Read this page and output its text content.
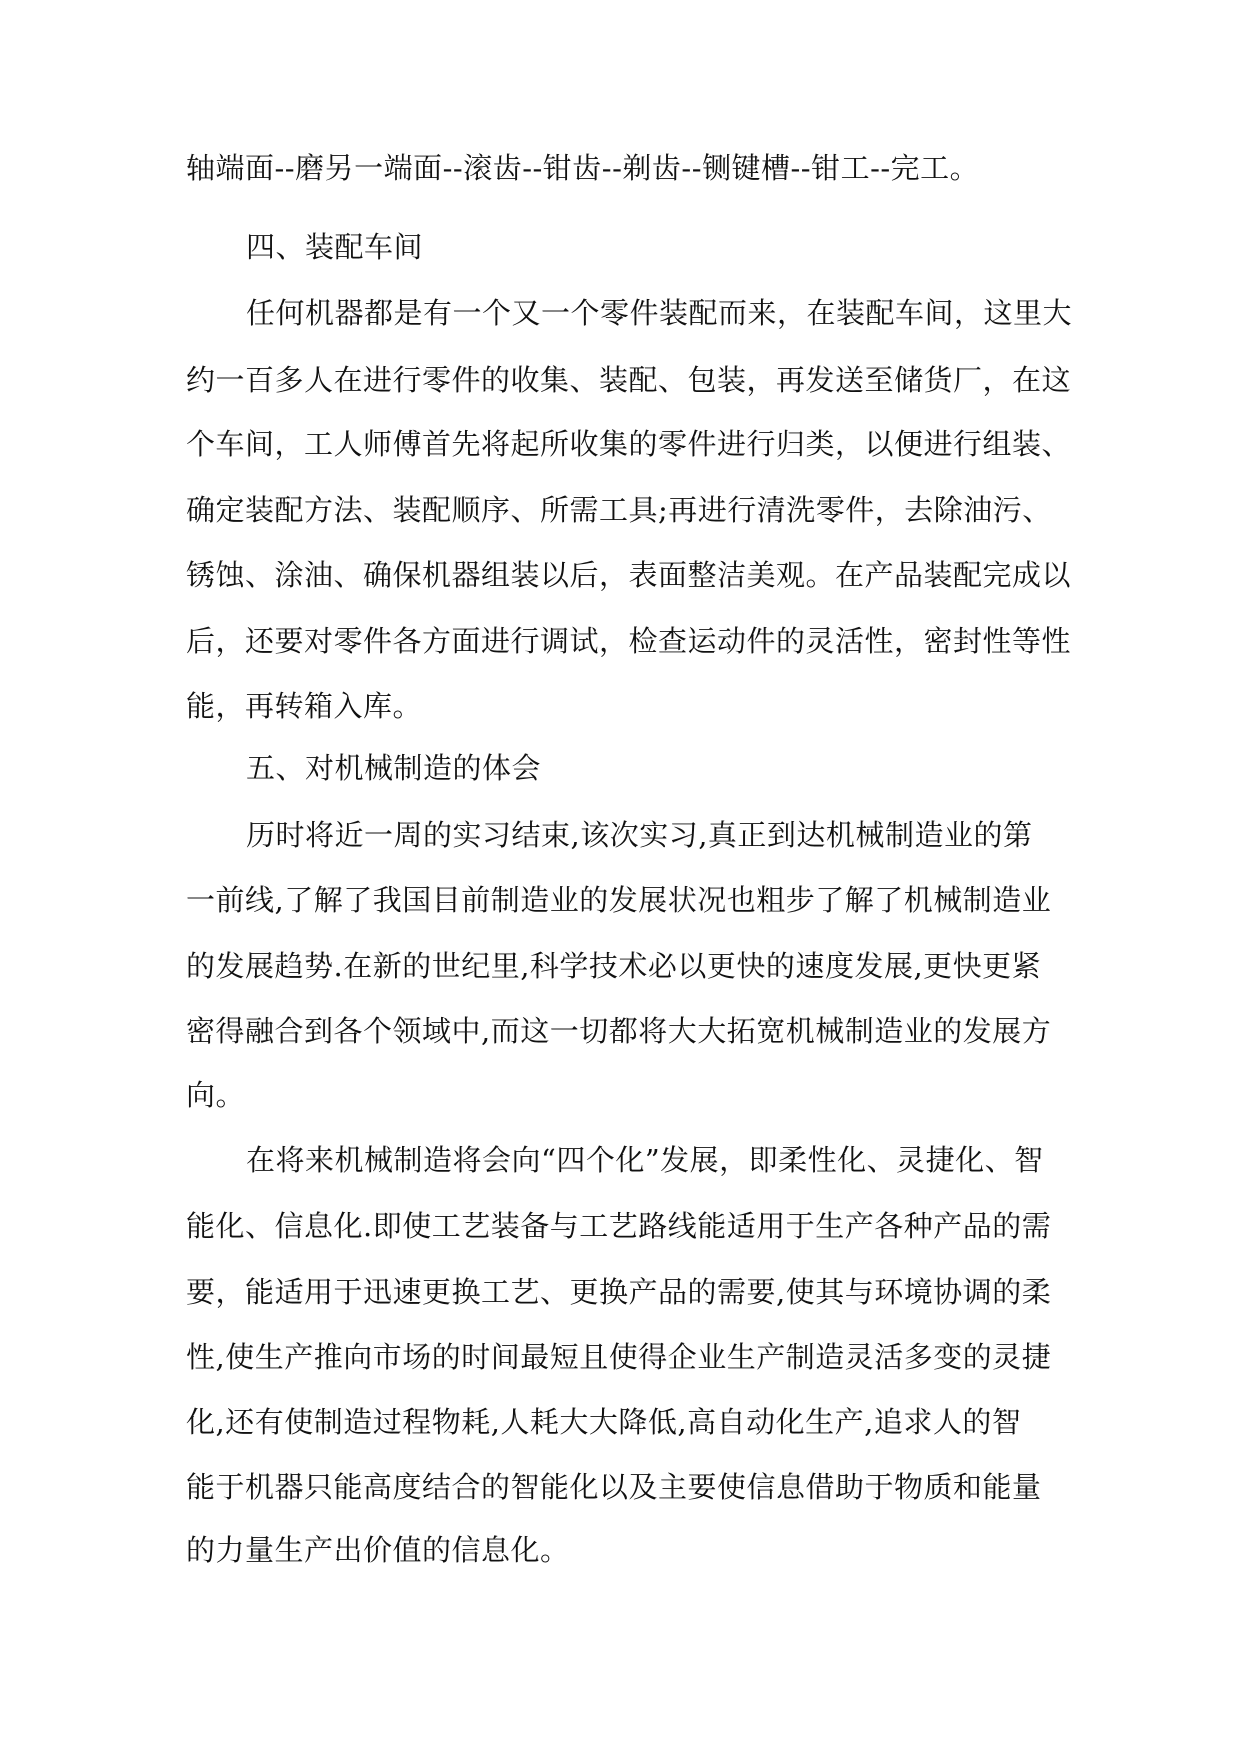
轴端面--磨另一端面--滚齿--钳齿--剃齿--铡键槽--钳工--完工。
四、装配车间
任何机器都是有一个又一个零件装配而来，在装配车间，这里大
约一百多人在进行零件的收集、装配、包装，再发送至储货厂，在这
个车间，工人师傅首先将起所收集的零件进行归类，以便进行组装、
确定装配方法、装配顺序、所需工具;再进行清洗零件，去除油污、
锈蚀、涂油、确保机器组装以后，表面整洁美观。在产品装配完成以
后，还要对零件各方面进行调试，检查运动件的灵活性，密封性等性
能，再转箱入库。
五、对机械制造的体会
历时将近一周的实习结束,该次实习,真正到达机械制造业的第
一前线,了解了我国目前制造业的发展状况也粗步了解了机械制造业
的发展趋势.在新的世纪里,科学技术必以更快的速度发展,更快更紧
密得融合到各个领域中,而这一切都将大大拓宽机械制造业的发展方
向。
在将来机械制造将会向“四个化”发展，即柔性化、灵捷化、智
能化、信息化.即使工艺装备与工艺路线能适用于生产各种产品的需
要，能适用于迅速更换工艺、更换产品的需要,使其与环境协调的柔
性,使生产推向市场的时间最短且使得企业生产制造灵活多变的灵捷
化,还有使制造过程物耗,人耗大大降低,高自动化生产,追求人的智
能于机器只能高度结合的智能化以及主要使信息借助于物质和能量
的力量生产出价值的信息化。
